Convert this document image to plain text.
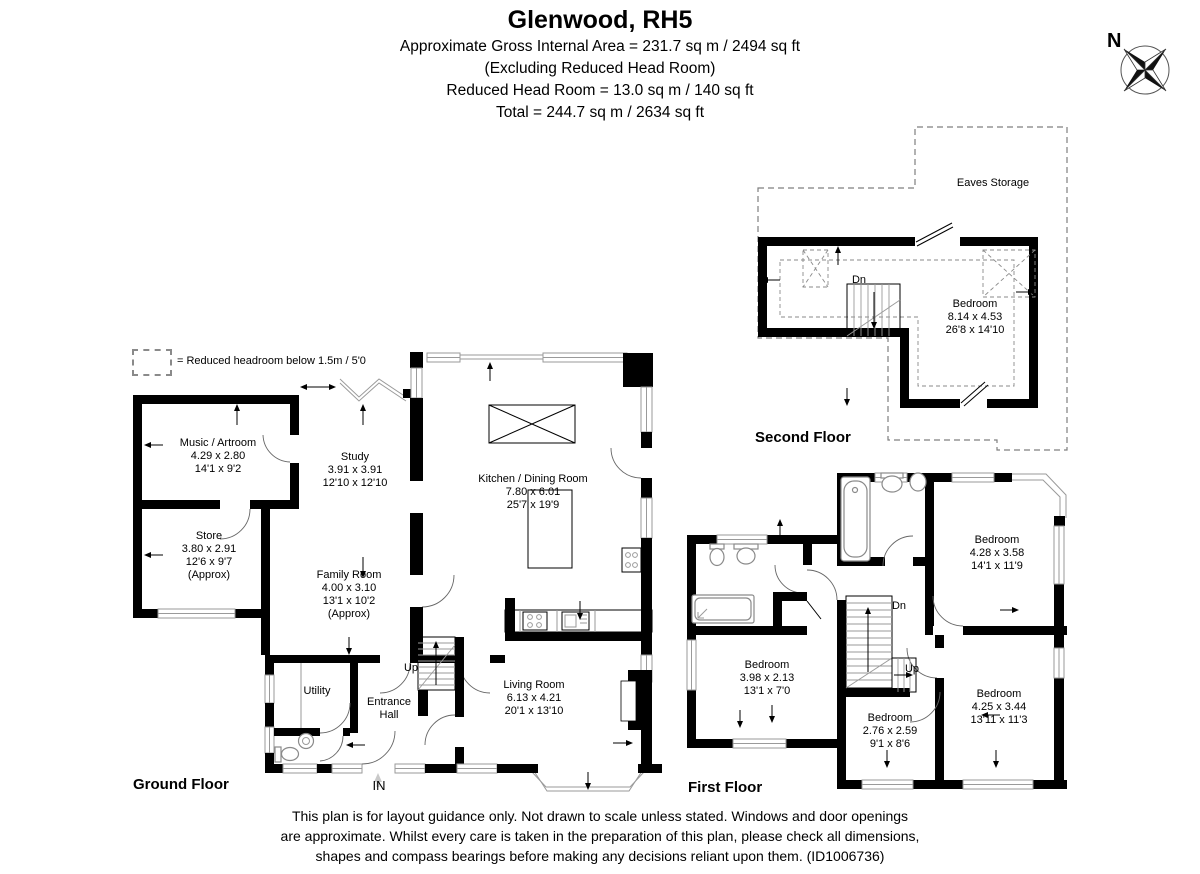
Glenwood, RH5
Approximate Gross Internal Area = 231.7 sq m / 2494 sq ft
(Excluding Reduced Head Room)
Reduced Head Room = 13.0 sq m / 140 sq ft
Total = 244.7 sq m / 2634 sq ft
N
= Reduced headroom below 1.5m / 5'0
Music / Artroom
4.29 x 2.80
14'1 x 9'2
Store
3.80 x 2.91
12'6 x 9'7
(Approx)
Study
3.91 x 3.91
12'10 x 12'10
Family Room
4.00 x 3.10
13'1 x 10'2
(Approx)
Kitchen / Dining Room
7.80 x 6.01
25'7 x 19'9
Living Room
6.13 x 4.21
20'1 x 13'10
Utility
Entrance Hall
Up
IN
Ground Floor
Bedroom
4.28 x 3.58
14'1 x 11'9
Bedroom
3.98 x 2.13
13'1 x 7'0
Bedroom
2.76 x 2.59
9'1 x 8'6
Bedroom
4.25 x 3.44
13'11 x 11'3
Dn
Up
First Floor
Eaves Storage
Bedroom
8.14 x 4.53
26'8 x 14'10
Dn
Second Floor
This plan is for layout guidance only. Not drawn to scale unless stated. Windows and door openings
are approximate. Whilst every care is taken in the preparation of this plan, please check all dimensions,
shapes and compass bearings before making any decisions reliant upon them. (ID1006736)
